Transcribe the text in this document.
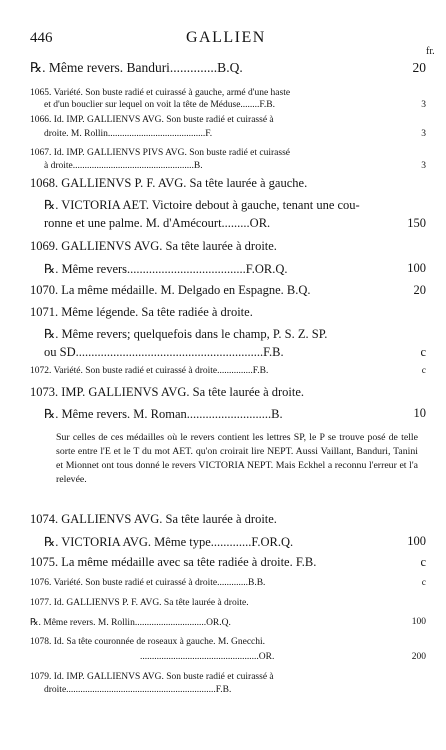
446	GALLIEN
fr.
℞. Même revers. Banduri..............B.Q.	20
1065. Variété. Son buste radié et cuirassé à gauche, armé d'une haste
et d'un bouclier sur lequel on voit la tête de Méduse........F.B.	3
1066. Id. IMP. GALLIENVS AVG. Son buste radié et cuirassé à
droite. M. Rollin.........................................F.	3
1067. Id. IMP. GALLIENVS PIVS AVG. Son buste radié et cuirassé
à droite...................................................B.	3
1068. GALLIENVS P. F. AVG. Sa tête laurée à gauche.
℞. VICTORIA AET. Victoire debout à gauche, tenant une cou-
ronne et une palme. M. d'Amécourt.........OR.	150
1069. GALLIENVS AVG. Sa tête laurée à droite.
℞. Même revers......................................F.OR.Q.	100
1070. La même médaille. M. Delgado en Espagne. B.Q.	20
1071. Même légende. Sa tête radiée à droite.
℞. Même revers; quelquefois dans le champ, P. S. Z. SP.
ou SD............................................................F.B.	c
1072. Variété. Son buste radié et cuirassé à droite...............F.B.	c
1073. IMP. GALLIENVS AVG. Sa tête laurée à droite.
℞. Même revers. M. Roman...........................B.	10
Sur celles de ces médailles où le revers contient les lettres SP, le P se trouve posé de telle sorte entre l'E et le T du mot AET. qu'on croirait lire NEPT. Aussi Vaillant, Banduri, Tanini et Mionnet ont tous donné le revers VICTORIA NEPT. Mais Eckhel a reconnu l'erreur et l'a relevée.
1074. GALLIENVS AVG. Sa tête laurée à droite.
℞. VICTORIA AVG. Même type.............F.OR.Q.	100
1075. La même médaille avec sa tête radiée à droite. F.B.	c
1076. Variété. Son buste radié et cuirassé à droite.............B.B.	c
1077. Id. GALLIENVS P. F. AVG. Sa tête laurée à droite.
℞. Même revers. M. Rollin..............................OR.Q.	100
1078. Id. Sa tête couronnée de roseaux à gauche. M. Gnecchi.
..................................................OR.	200
1079. Id. IMP. GALLIENVS AVG. Son buste radié et cuirassé à
droite...............................................................F.B.
